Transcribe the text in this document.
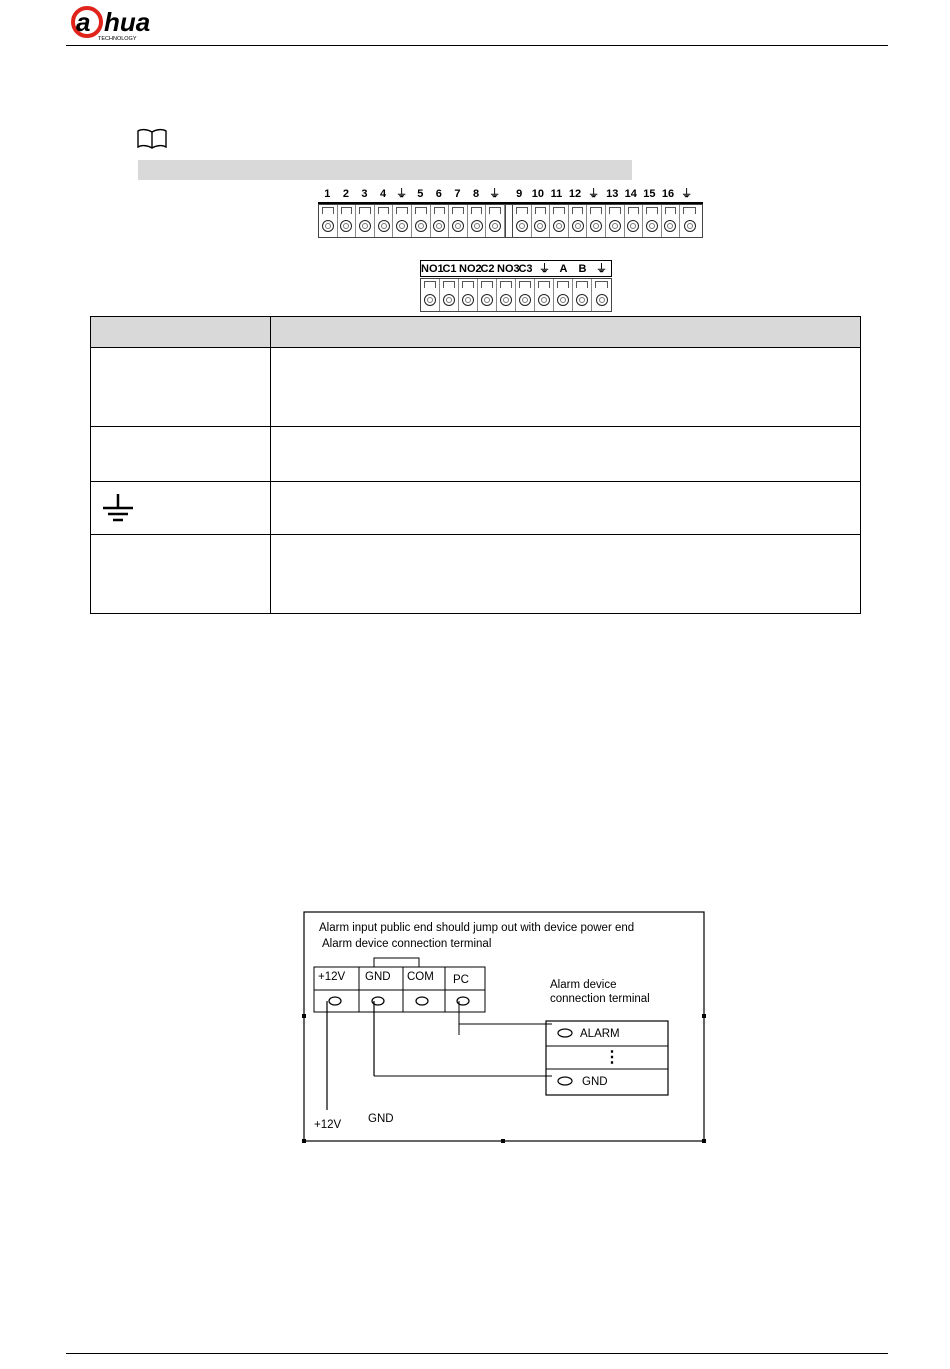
a hua
TECHNOLOGY
1	2	3	4 ⏚ 5	6	7	8 ⏚	9 10 11 12 ⏚ 13 14 15 16 ⏚
NO1
C1 NO2
C2 NO3
C3 ⏚ A	B ⏚

Alarm input public end should jump out with device power end
Alarm device connection terminal
+12V GND COM PC	Alarm device
connection terminal
ALARM
⋮
GND
+12V GND
